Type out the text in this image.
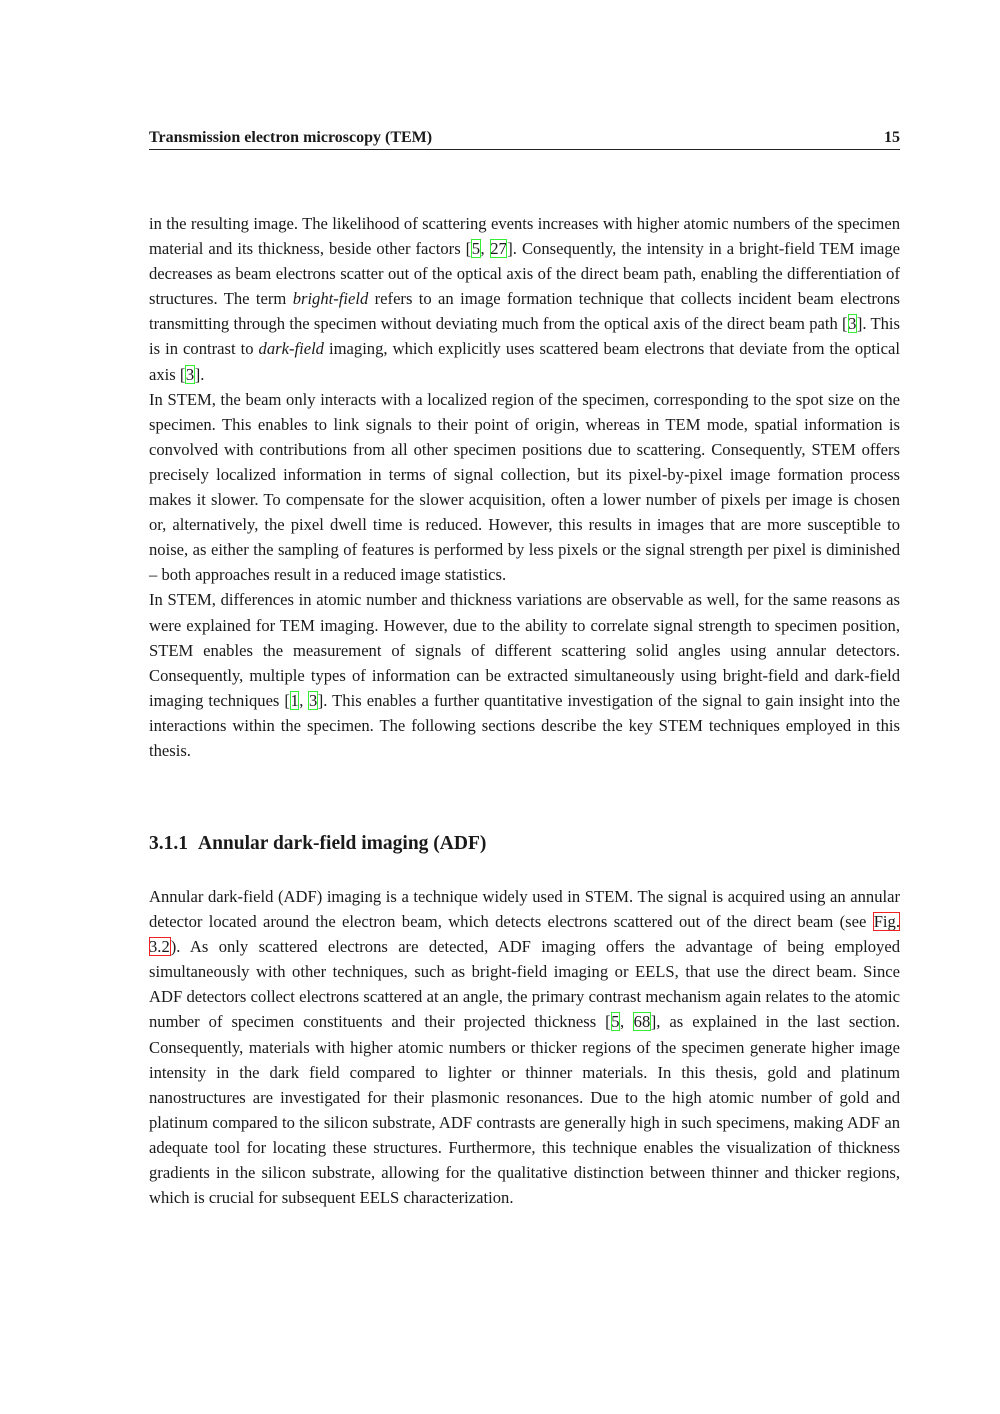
Transmission electron microscopy (TEM)	15

in the resulting image. The likelihood of scattering events increases with higher atomic numbers of the specimen material and its thickness, beside other factors [5, 27]. Consequently, the intensity in a bright-field TEM image decreases as beam electrons scatter out of the optical axis of the direct beam path, enabling the differentiation of structures. The term bright-field refers to an image formation technique that collects incident beam electrons transmitting through the specimen without deviating much from the optical axis of the direct beam path [3]. This is in contrast to dark-field imaging, which explicitly uses scattered beam electrons that deviate from the optical axis [3].

In STEM, the beam only interacts with a localized region of the specimen, corresponding to the spot size on the specimen. This enables to link signals to their point of origin, whereas in TEM mode, spatial information is convolved with contributions from all other specimen positions due to scattering. Consequently, STEM offers precisely localized information in terms of signal collection, but its pixel-by-pixel image formation process makes it slower. To compensate for the slower acquisition, often a lower number of pixels per image is chosen or, alternatively, the pixel dwell time is reduced. However, this results in images that are more susceptible to noise, as either the sampling of features is performed by less pixels or the signal strength per pixel is diminished – both approaches result in a reduced image statistics.

In STEM, differences in atomic number and thickness variations are observable as well, for the same reasons as were explained for TEM imaging. However, due to the ability to correlate signal strength to specimen position, STEM enables the measurement of signals of different scattering solid angles using annular detectors. Consequently, multiple types of information can be extracted simultaneously using bright-field and dark-field imaging techniques [1, 3]. This enables a further quantitative investigation of the signal to gain insight into the interactions within the specimen. The following sections describe the key STEM techniques employed in this thesis.

3.1.1 Annular dark-field imaging (ADF)

Annular dark-field (ADF) imaging is a technique widely used in STEM. The signal is acquired using an annular detector located around the electron beam, which detects electrons scattered out of the direct beam (see Fig. 3.2). As only scattered electrons are detected, ADF imaging offers the advantage of being employed simultaneously with other techniques, such as bright-field imaging or EELS, that use the direct beam. Since ADF detectors collect electrons scattered at an angle, the primary contrast mechanism again relates to the atomic number of specimen constituents and their projected thickness [5, 68], as explained in the last section. Consequently, materials with higher atomic numbers or thicker regions of the specimen generate higher image intensity in the dark field compared to lighter or thinner materials. In this thesis, gold and platinum nanostructures are investigated for their plasmonic resonances. Due to the high atomic number of gold and platinum compared to the silicon substrate, ADF contrasts are generally high in such specimens, making ADF an adequate tool for locating these structures. Furthermore, this technique enables the visualization of thickness gradients in the silicon substrate, allowing for the qualitative distinction between thinner and thicker regions, which is crucial for subsequent EELS characterization.
